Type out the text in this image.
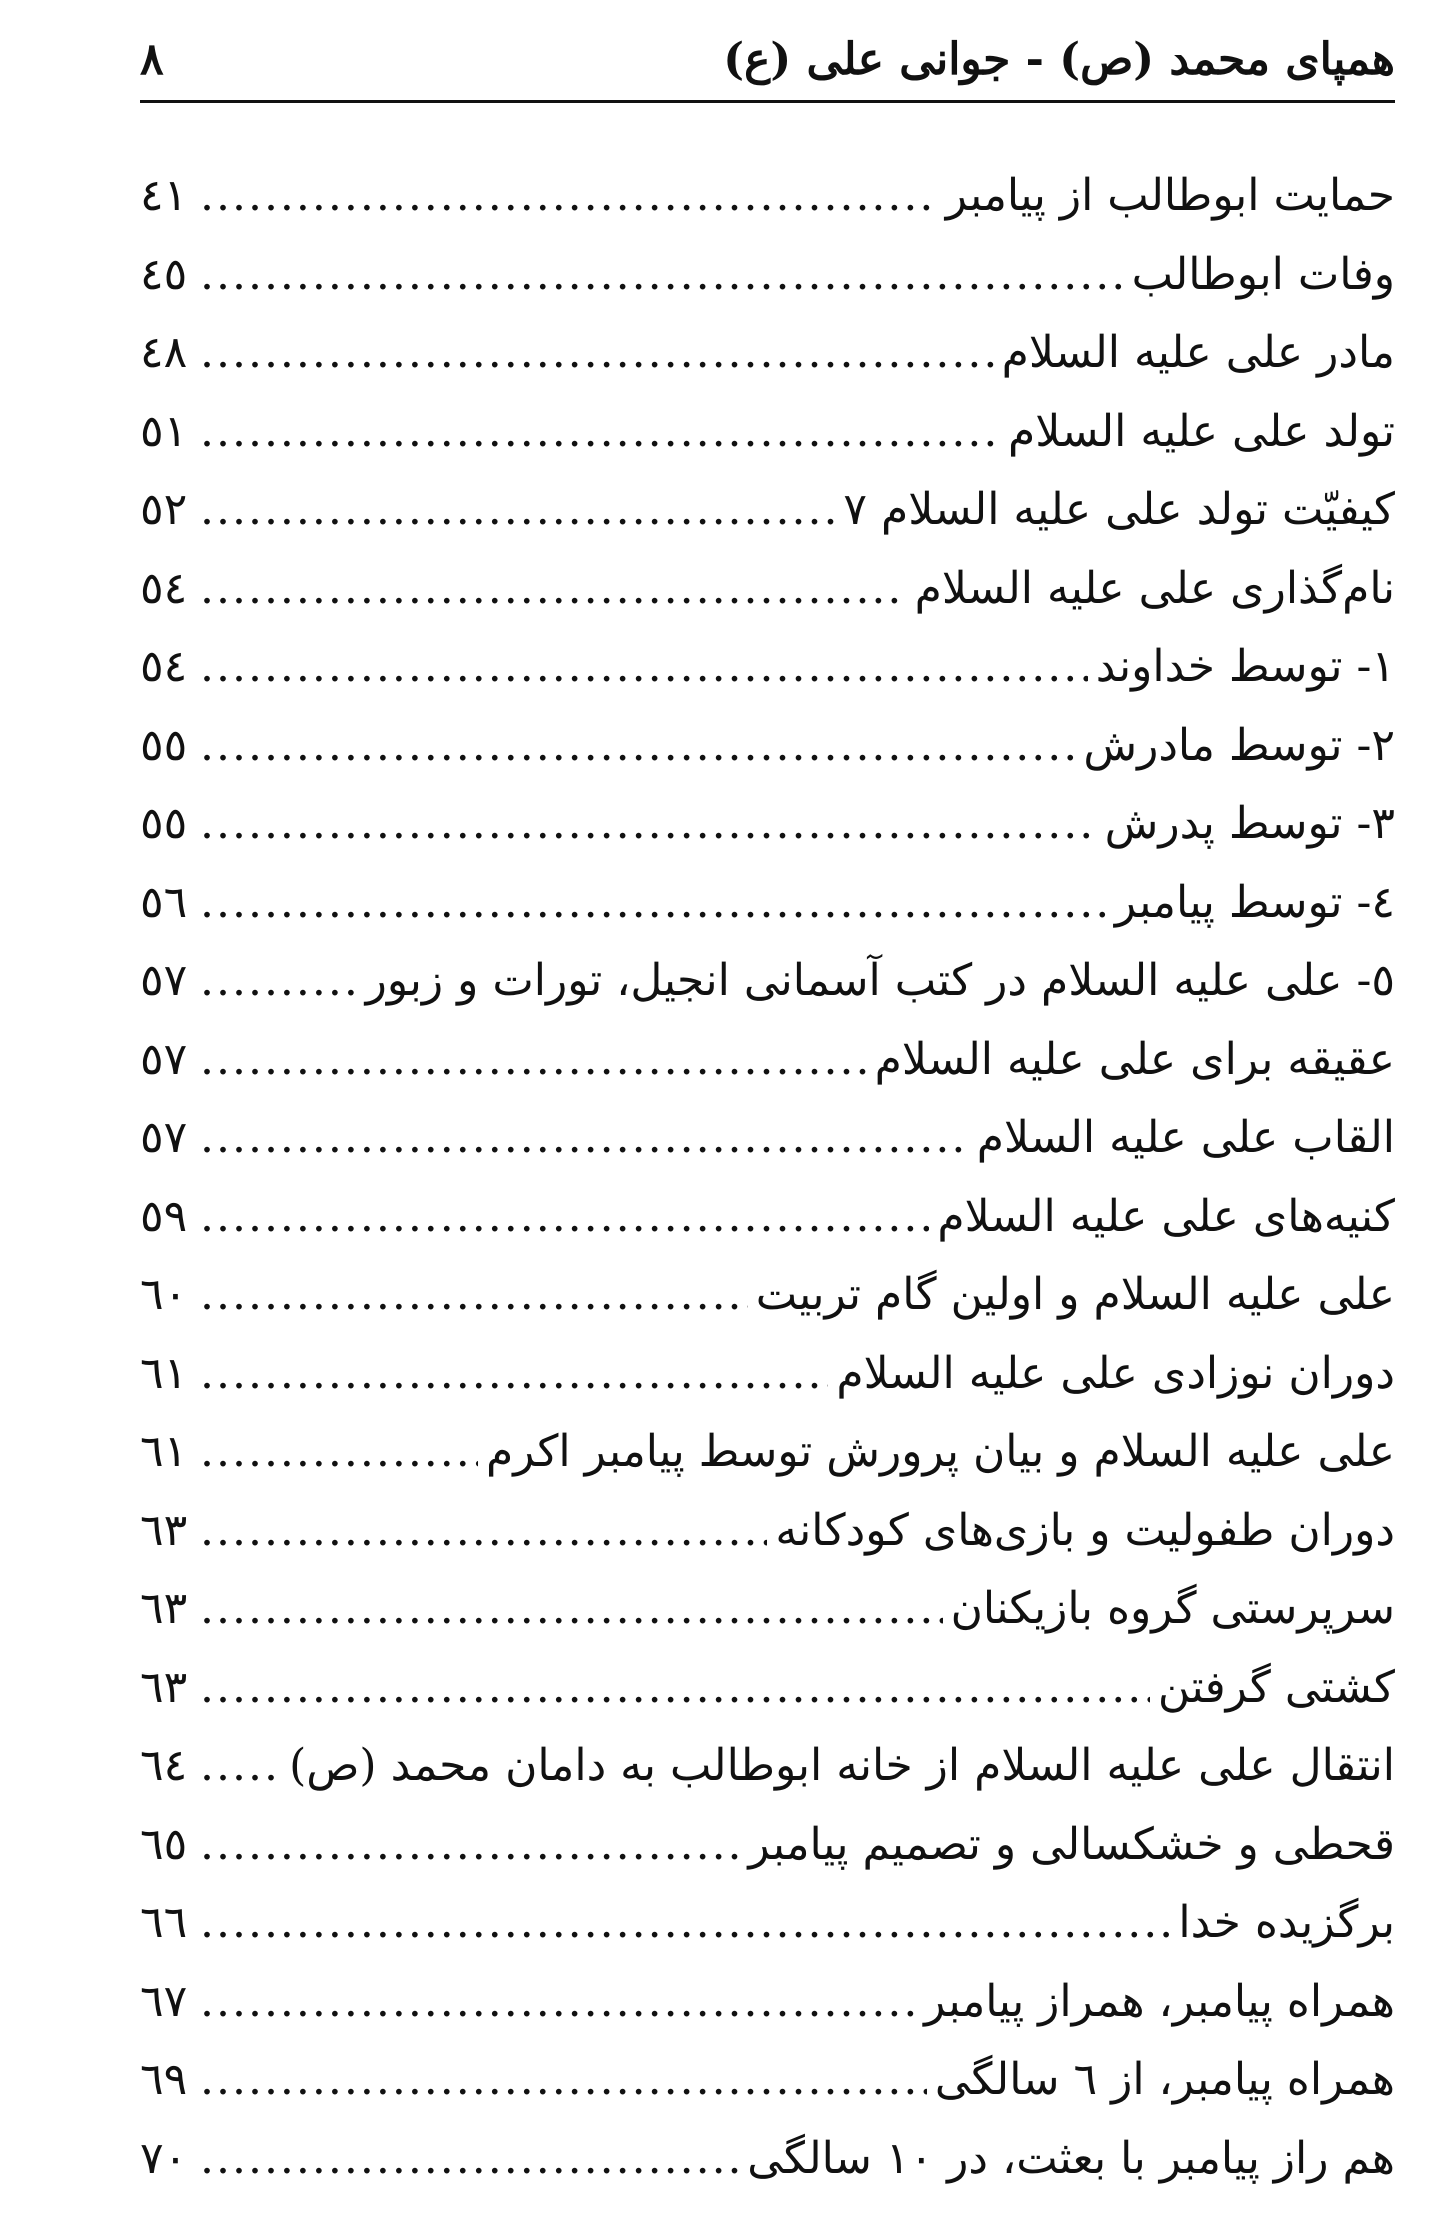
همپای محمد (ص) - جوانی علی (ع)
۸
حمایت ابوطالب از پیامبر
.....
٤١
وفات ابوطالب
.....
٤٥
مادر علی علیه السلام
.....
٤٨
تولد علی علیه السلام
.....
٥١
کیفیّت تولد علی علیه السلام ۷
.....
٥٢
نام‌گذاری علی علیه السلام
.....
٥٤
١- توسط خداوند
.....
٥٤
٢- توسط مادرش
.....
٥٥
٣- توسط پدرش
.....
٥٥
٤- توسط پیامبر
.....
٥٦
٥- علی علیه السلام در کتب آسمانی انجیل، تورات و زبور
.....
٥٧
عقیقه برای علی علیه السلام
.....
٥٧
القاب علی علیه السلام
.....
٥٧
کنیه‌های علی علیه السلام
.....
٥٩
علی علیه السلام و اولین گام تربیت
.....
٦٠
دوران نوزادی علی علیه السلام
.....
٦١
علی علیه السلام و بیان پرورش توسط پیامبر اکرم
.....
٦١
دوران طفولیت و بازی‌های کودکانه
.....
٦٣
سرپرستی گروه بازیکنان
.....
٦٣
کشتی گرفتن
.....
٦٣
انتقال علی علیه السلام از خانه ابوطالب به دامان محمد (ص)
.....
٦٤
قحطی و خشکسالی و تصمیم پیامبر
.....
٦٥
برگزیده خدا
.....
٦٦
همراه پیامبر، همراز پیامبر
.....
٦٧
همراه پیامبر، از ٦ سالگی
.....
٦٩
هم راز پیامبر با بعثت، در ١٠ سالگی
.....
٧٠
